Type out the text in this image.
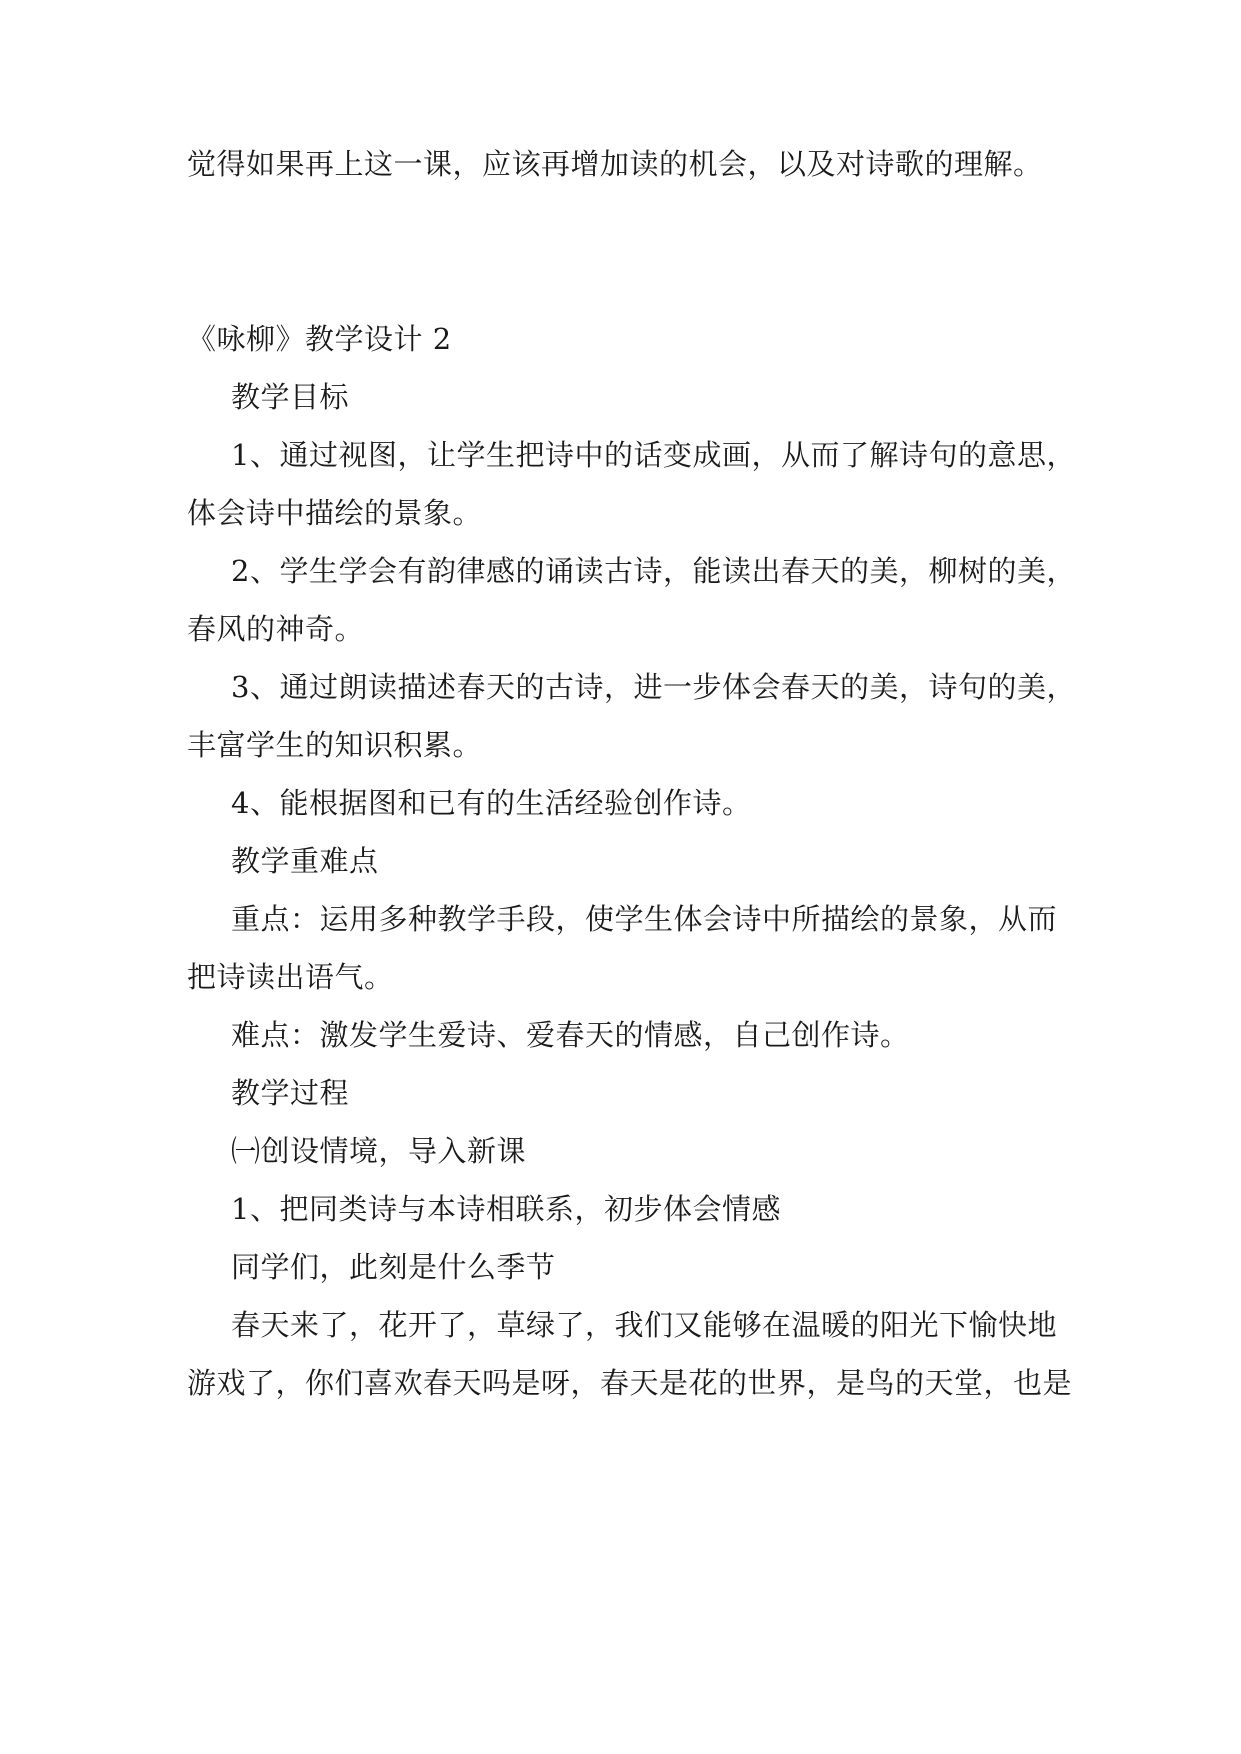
觉得如果再上这一课，应该再增加读的机会，以及对诗歌的理解。
《咏柳》教学设计 2
教学目标
1、通过视图，让学生把诗中的话变成画，从而了解诗句的意思，
体会诗中描绘的景象。
2、学生学会有韵律感的诵读古诗，能读出春天的美，柳树的美，
春风的神奇。
3、通过朗读描述春天的古诗，进一步体会春天的美，诗句的美，
丰富学生的知识积累。
4、能根据图和已有的生活经验创作诗。
教学重难点
重点：运用多种教学手段，使学生体会诗中所描绘的景象，从而
把诗读出语气。
难点：激发学生爱诗、爱春天的情感，自己创作诗。
教学过程
㈠创设情境，导入新课
1、把同类诗与本诗相联系，初步体会情感
同学们，此刻是什么季节
春天来了，花开了，草绿了，我们又能够在温暖的阳光下愉快地
游戏了，你们喜欢春天吗是呀，春天是花的世界，是鸟的天堂，也是
